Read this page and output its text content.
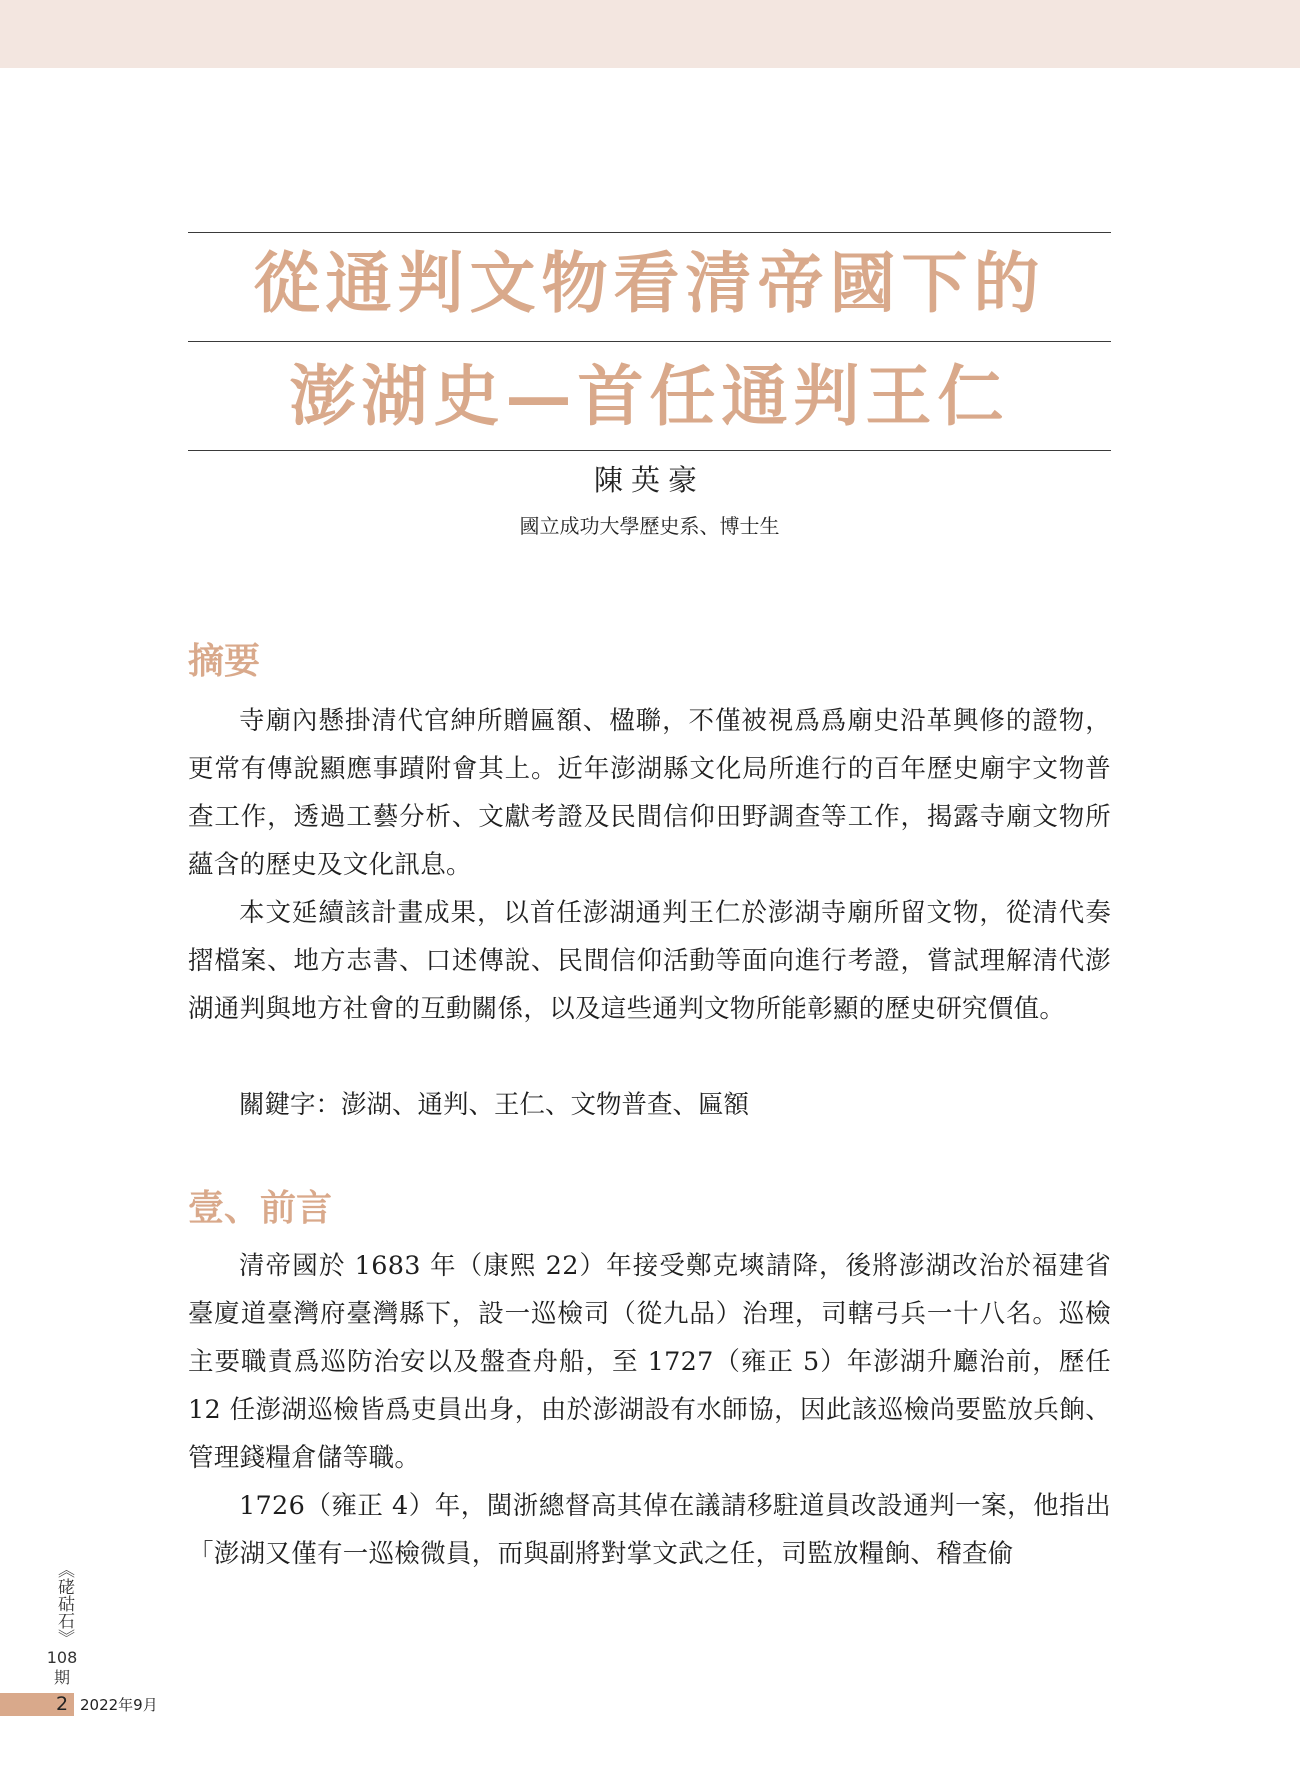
從通判文物看清帝國下的
澎湖史—首任通判王仁
陳英豪
國立成功大學歷史系、博士生
摘要

寺廟內懸掛清代官紳所贈匾額、楹聯，不僅被視爲爲廟史沿革興修的證物，更常有傳說顯應事蹟附會其上。近年澎湖縣文化局所進行的百年歷史廟宇文物普查工作，透過工藝分析、文獻考證及民間信仰田野調查等工作，揭露寺廟文物所蘊含的歷史及文化訊息。

本文延續該計畫成果，以首任澎湖通判王仁於澎湖寺廟所留文物，從清代奏摺檔案、地方志書、口述傳說、民間信仰活動等面向進行考證，嘗試理解清代澎湖通判與地方社會的互動關係，以及這些通判文物所能彰顯的歷史研究價值。

關鍵字：澎湖、通判、王仁、文物普查、匾額

壹、前言

清帝國於 1683 年（康熙 22）年接受鄭克塽請降，後將澎湖改治於福建省臺廈道臺灣府臺灣縣下，設一巡檢司（從九品）治理，司轄弓兵一十八名。巡檢主要職責爲巡防治安以及盤查舟船，至 1727（雍正 5）年澎湖升廳治前，歷任 12 任澎湖巡檢皆爲吏員出身，由於澎湖設有水師協，因此該巡檢尚要監放兵餉、管理錢糧倉儲等職。

1726（雍正 4）年，閩浙總督高其倬在議請移駐道員改設通判一案，他指出「澎湖又僅有一巡檢微員，而與副將對掌文武之任，司監放糧餉、稽查偷

《硓𥑮石》
108期
2 2022年9月
